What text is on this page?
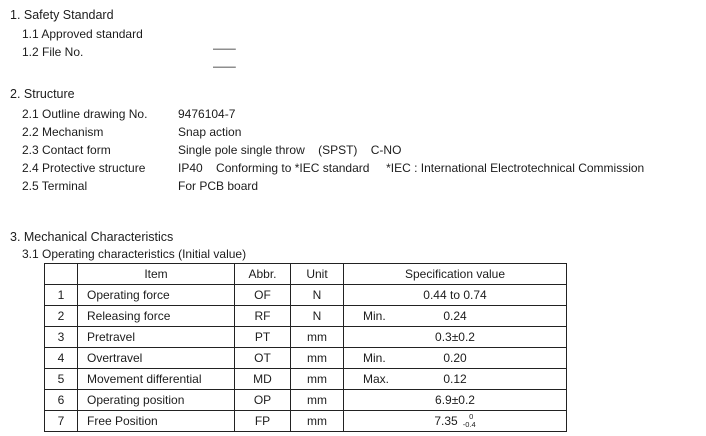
1. Safety Standard
1.1 Approved standard

—

1.2 File No.

—

2. Structure
2.1 Outline drawing No.	9476104-7
2.2 Mechanism	Snap action
2.3 Contact form	Single pole single throw    (SPST)    C-NO
2.4 Protective structure	IP40    Conforming to *IEC standard     *IEC : International Electrotechnical Commission
2.5 Terminal	For PCB board
3. Mechanical Characteristics
3.1 Operating characteristics (Initial value)
	Item	Abbr.	Unit	Specification value
1	Operating force	OF	N	0.44 to 0.74
2	Releasing force	RF	N	Min. 0.24
3	Pretravel	PT	mm	0.3±0.2
4	Overtravel	OT	mm	Min. 0.20
5	Movement differential	MD	mm	Max. 0.12
6	Operating position	OP	mm	6.9±0.2
7	Free Position	FP	mm	7.35 0
-0.4
